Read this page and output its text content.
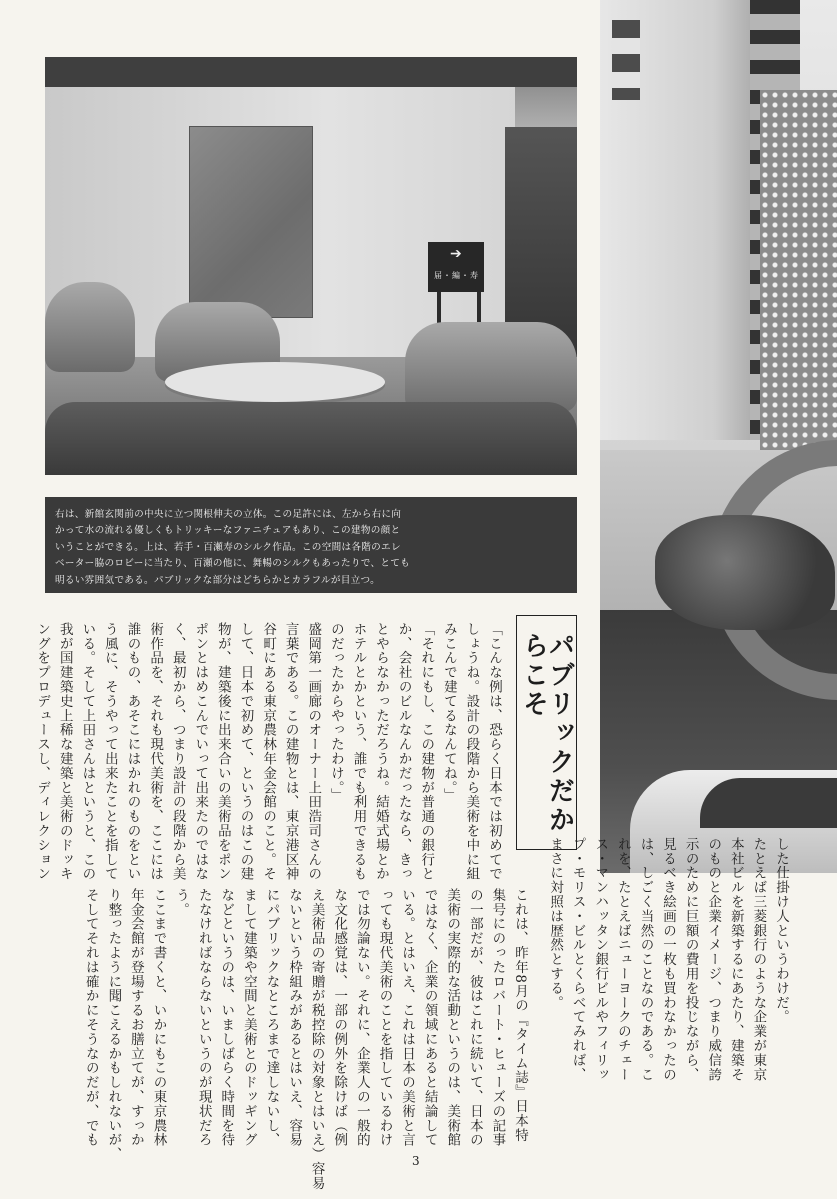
届・編・寿
➔
右は、新館玄関前の中央に立つ関根伸夫の立体。この足許には、左から右に向
かって水の流れる優しくもトリッキーなファニチュアもあり、この建物の顔と
いうことができる。上は、若手・百瀬寿のシルク作品。この空間は各階のエレ
ベーター脇のロビーに当たり、百瀬の他に、舞暢のシルクもあったりで、とても
明るい雰囲気である。パブリックな部分はどちらかとカラフルが目立つ。
パブリックだからこそ
「こんな例は、恐らく日本では初めてで
しょうね。設計の段階から美術を中に組
みこんで建てるなんてね。」
「それにもし、この建物が普通の銀行と
か、会社のビルなんかだったなら、きっ
とやらなかっただろうね。結婚式場とか
ホテルとかという、誰でも利用できるも
のだったからやったわけ。」
盛岡第一画廊のオーナー上田浩司さんの
言葉である。この建物とは、東京港区神
谷町にある東京農林年金会館のこと。そ
して、日本で初めて、というのはこの建
物が、建築後に出来合いの美術品をポン
ポンとはめこんでいって出来たのではな
く、最初から、つまり設計の段階から美
術作品を、それも現代美術を、ここには
誰のもの、あそこにはかれのものをとい
う風に、そうやって出来たことを指して
いる。そして上田さんはというと、この
我が国建築史上稀な建築と美術のドッキ
ングをプロデュースし、ディレクション
した仕掛け人というわけだ。
たとえば三菱銀行のような企業が東京
本社ビルを新築するにあたり、建築そ
のものと企業イメージ、つまり威信誇
示のために巨額の費用を投じながら、
見るべき絵画の一枚も買わなかったの
は、しごく当然のことなのである。こ
れを、たとえばニューヨークのチェー
ス・マンハッタン銀行ビルやフィリッ
プ・モリス・ビルとくらべてみれば、
まさに対照は歴然とする。
これは、昨年8月の『タイム誌』日本特
集号にのったロバート・ヒューズの記事
の一部だが、彼はこれに続いて、日本の
美術の実際的な活動というのは、美術館
ではなく、企業の領域にあると結論して
いる。とはいえ、これは日本の美術と言
っても現代美術のことを指しているわけ
では勿論ない。それに、企業人の一般的
な文化感覚は、一部の例外を除けば（例
え美術品の寄贈が税控除の対象とはいえ）容易
ないという枠組みがあるとはいえ、容易
にパブリックなところまで達しないし、
まして建築や空間と美術とのドッギング
などというのは、いましばらく時間を待
たなければならないというのが現状だろ
う。
ここまで書くと、いかにもこの東京農林
年金会館が登場するお膳立てが、すっか
り整ったように聞こえるかもしれないが、
そしてそれは確かにそうなのだが、でも
3
